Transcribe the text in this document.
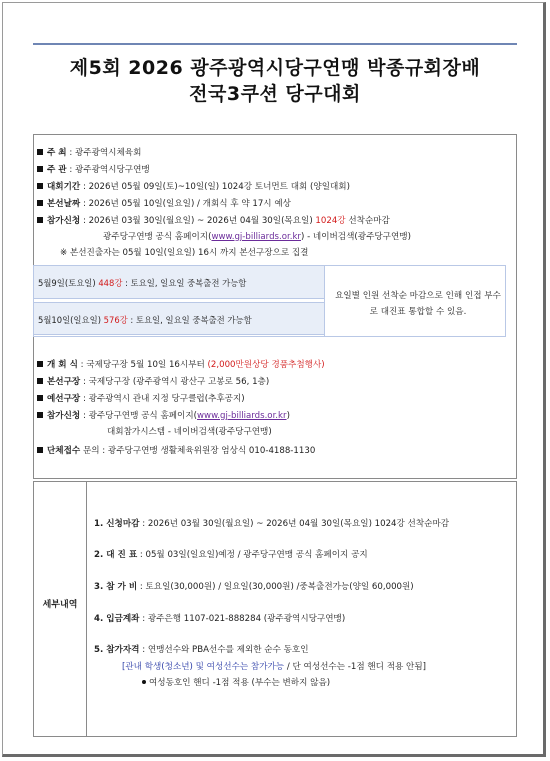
제5회 2026 광주광역시당구연맹 박종규회장배
전국3쿠션 당구대회
주 최 : 광주광역시체육회
주 관 : 광주광역시당구연맹
대회기간 : 2026년 05월 09일(토)~10일(일) 1024강 토너먼트 대회 (양일대회)
본선날짜 : 2026년 05월 10일(일요일) / 개회식 후 약 17시 예상
참가신청 : 2026년 03월 30일(월요일) ~ 2026년 04월 30일(목요일) 1024강 선착순마감
광주당구연맹 공식 홈페이지(www.gj-billiards.or.kr) - 네이버검색(광주당구연맹)
※ 본선진출자는 05월 10일(일요일) 16시 까지 본선구장으로 집결
5월9일(토요일) 448강 : 토요일, 일요일 중복출전 가능함
5월10일(일요일) 576강 : 토요일, 일요일 중복출전 가능함
요일별 인원 선착순 마감으로 인해 인접 부수로 대진표 통합할 수 있음.
개 회 식 : 국제당구장 5월 10일 16시부터 (2,000만원상당 경품추첨행사)
본선구장 : 국제당구장 (광주광역시 광산구 고봉로 56, 1층)
예선구장 : 광주광역시 관내 지정 당구클럽(추후공지)
참가신청 : 광주당구연맹 공식 홈페이지(www.gj-billiards.or.kr)
대회참가시스템 - 네이버검색(광주당구연맹)
단체접수 문의 : 광주당구연맹 생활체육위원장 엄상식 010-4188-1130
세부내역
1. 신청마감 : 2026년 03월 30일(월요일) ~ 2026년 04월 30일(목요일) 1024강 선착순마감
2. 대 진 표 : 05월 03일(일요일)예정 / 광주당구연맹 공식 홈페이지 공지
3. 참 가 비 : 토요일(30,000원) / 일요일(30,000원) /중복출전가능(양일 60,000원)
4. 입금계좌 : 광주은행 1107-021-888284 (광주광역시당구연맹)
5. 참가자격 : 연맹선수와 PBA선수를 제외한 순수 동호인
[관내 학생(청소년) 및 여성선수는 참가가능 / 단 여성선수는 -1점 핸디 적용 안됨]
여성동호인 핸디 -1점 적용 (부수는 변하지 않음)
